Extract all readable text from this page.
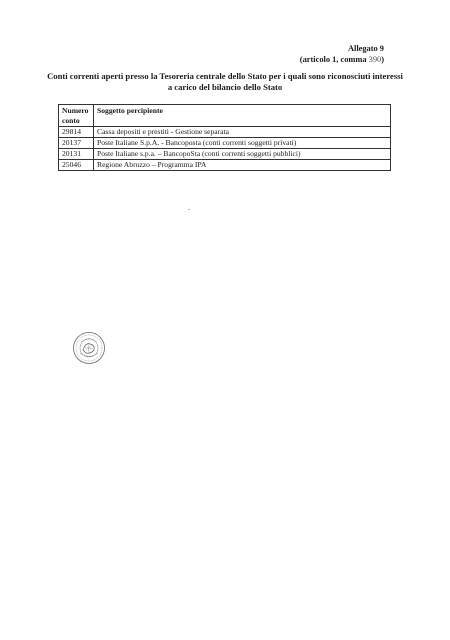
Allegato 9
(articolo 1, comma 390)
Conti correnti aperti presso la Tesoreria centrale dello Stato per i quali sono riconosciuti interessi
a carico del bilancio dello Stato
Numero
conto	Soggetto percipiente
29814	Cassa depositi e prestiti - Gestione separata
20137	Poste Italiane S.p.A. - Bancoposta (conti correnti soggetti privati)
20131	Poste Italiane s.p.a. – BancopoSta (conti correnti soggetti pubblici)
25046	Regione Abruzzo – Programma IPA
